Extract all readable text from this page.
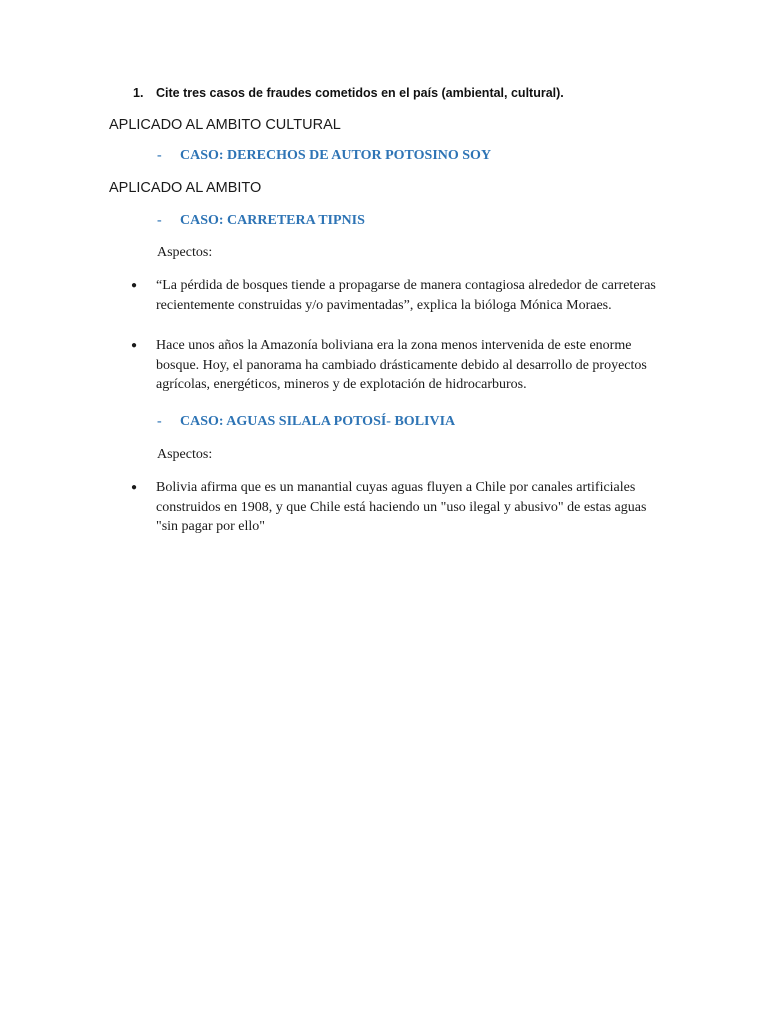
1. Cite tres casos de fraudes cometidos en el país (ambiental, cultural).
APLICADO AL AMBITO CULTURAL
- CASO: DERECHOS DE AUTOR POTOSINO SOY
APLICADO AL AMBITO
- CASO: CARRETERA TIPNIS
Aspectos:
● “La pérdida de bosques tiende a propagarse de manera contagiosa alrededor de carreteras recientemente construidas y/o pavimentadas”, explica la bióloga Mónica Moraes.
● Hace unos años la Amazonía boliviana era la zona menos intervenida de este enorme bosque. Hoy, el panorama ha cambiado drásticamente debido al desarrollo de proyectos agrícolas, energéticos, mineros y de explotación de hidrocarburos.
- CASO: AGUAS SILALA POTOSÍ- BOLIVIA
Aspectos:
● Bolivia afirma que es un manantial cuyas aguas fluyen a Chile por canales artificiales construidos en 1908, y que Chile está haciendo un "uso ilegal y abusivo" de estas aguas "sin pagar por ello"
